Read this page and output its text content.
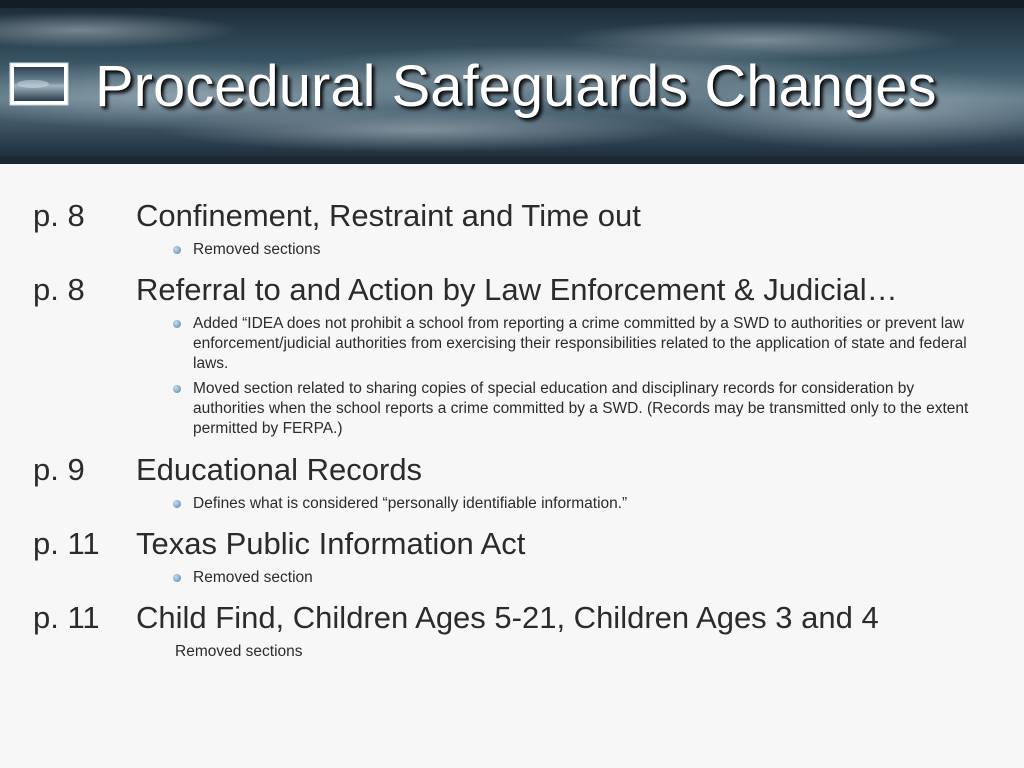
Procedural Safeguards Changes
p. 8 Confinement, Restraint and Time out
Removed sections
p. 8 Referral to and Action by Law Enforcement & Judicial…
Added “IDEA does not prohibit a school from reporting a crime committed by a SWD to authorities or prevent law enforcement/judicial authorities from exercising their responsibilities related to the application of state and federal laws.
Moved section related to sharing copies of special education and disciplinary records for consideration by authorities when the school reports a crime committed by a SWD. (Records may be transmitted only to the extent permitted by FERPA.)
p. 9 Educational Records
Defines what is considered “personally identifiable information.”
p. 11 Texas Public Information Act
Removed section
p. 11 Child Find, Children Ages 5-21, Children Ages 3 and 4
Removed sections
